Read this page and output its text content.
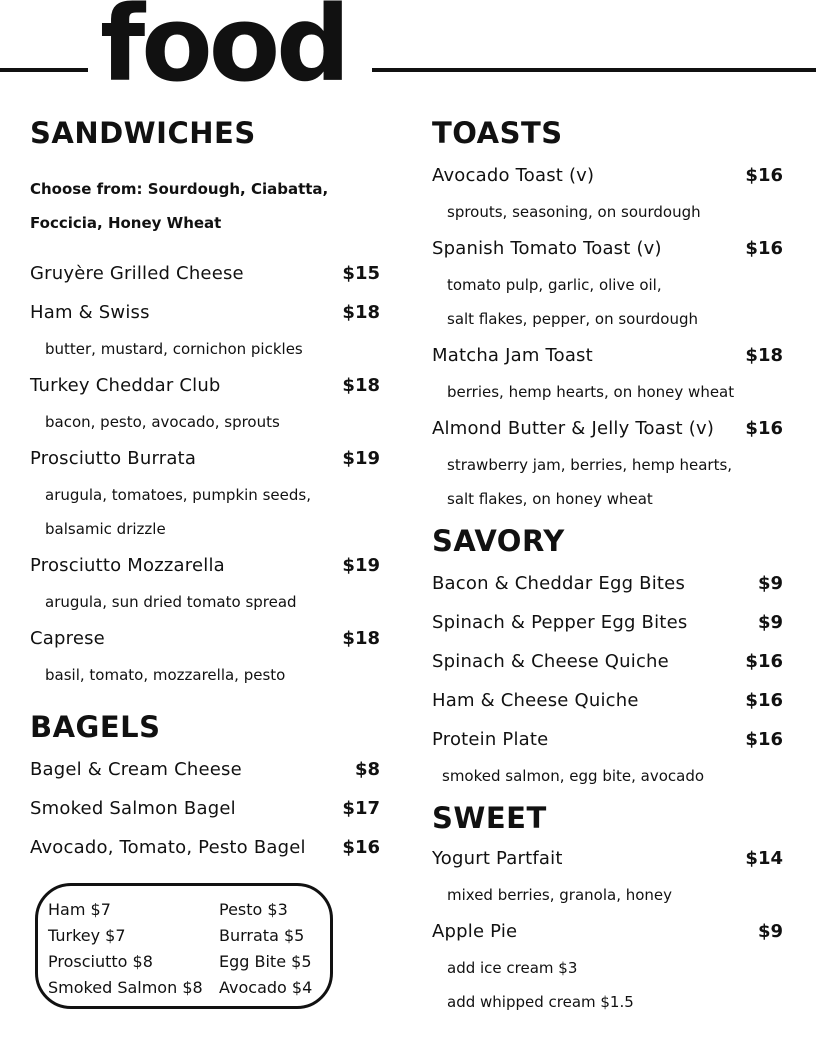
food
SANDWICHES
Choose from: Sourdough, Ciabatta,
Foccicia, Honey Wheat
Gruyère Grilled Cheese	$15
Ham & Swiss	$18
butter, mustard, cornichon pickles
Turkey Cheddar Club	$18
bacon, pesto, avocado, sprouts
Prosciutto Burrata	$19
arugula, tomatoes, pumpkin seeds,
balsamic drizzle
Prosciutto Mozzarella	$19
arugula, sun dried tomato spread
Caprese	$18
basil, tomato, mozzarella, pesto
BAGELS
Bagel & Cream Cheese	$8
Smoked Salmon Bagel	$17
Avocado, Tomato, Pesto Bagel $16
Ham $7	Pesto $3
Turkey $7	Burrata $5
Prosciutto $8	Egg Bite $5
Smoked Salmon $8 Avocado $4
TOASTS
Avocado Toast (v)	$16
sprouts, seasoning, on sourdough
Spanish Tomato Toast (v)	$16
tomato pulp, garlic, olive oil,
salt flakes, pepper, on sourdough
Matcha Jam Toast	$18
berries, hemp hearts, on honey wheat
Almond Butter & Jelly Toast (v) $16
strawberry jam, berries, hemp hearts,
salt flakes, on honey wheat
SAVORY
Bacon & Cheddar Egg Bites	$9
Spinach & Pepper Egg Bites	$9
Spinach & Cheese Quiche	$16
Ham & Cheese Quiche	$16
Protein Plate	$16
smoked salmon, egg bite, avocado
SWEET
Yogurt Partfait	$14
mixed berries, granola, honey
Apple Pie	$9
add ice cream $3
add whipped cream $1.5
